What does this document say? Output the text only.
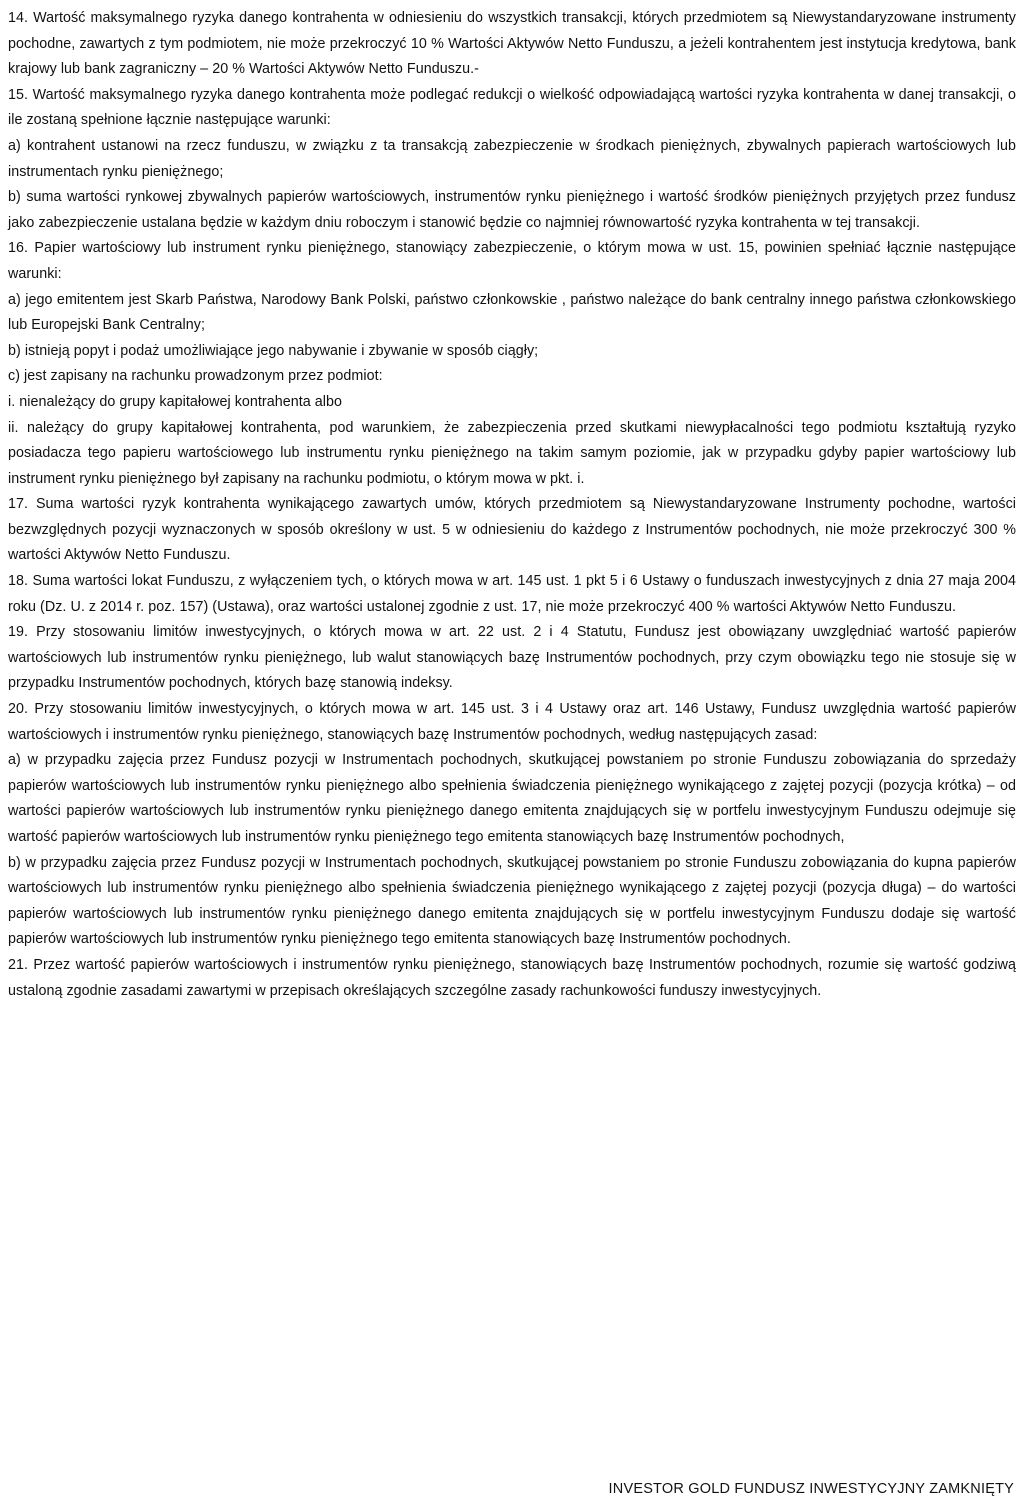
14. Wartość maksymalnego ryzyka danego kontrahenta w odniesieniu do wszystkich transakcji, których przedmiotem są Niewystandaryzowane instrumenty pochodne, zawartych z tym podmiotem, nie może przekroczyć 10 % Wartości Aktywów Netto Funduszu, a jeżeli kontrahentem jest instytucja kredytowa, bank krajowy lub bank zagraniczny – 20 % Wartości Aktywów Netto Funduszu.-

15. Wartość maksymalnego ryzyka danego kontrahenta może podlegać redukcji o wielkość odpowiadającą wartości ryzyka kontrahenta w danej transakcji, o ile zostaną spełnione łącznie następujące warunki:

a) kontrahent ustanowi na rzecz funduszu, w związku z ta transakcją zabezpieczenie w środkach pieniężnych, zbywalnych papierach wartościowych lub instrumentach rynku pieniężnego;

b) suma wartości rynkowej zbywalnych papierów wartościowych, instrumentów rynku pieniężnego i wartość środków pieniężnych przyjętych przez fundusz jako zabezpieczenie ustalana będzie w każdym dniu roboczym i stanowić będzie co najmniej równowartość ryzyka kontrahenta w tej transakcji.

16. Papier wartościowy lub instrument rynku pieniężnego, stanowiący zabezpieczenie, o którym mowa w ust. 15, powinien spełniać łącznie następujące warunki:

a) jego emitentem jest Skarb Państwa, Narodowy Bank Polski, państwo członkowskie , państwo należące do bank centralny innego państwa członkowskiego lub Europejski Bank Centralny;

b) istnieją popyt i podaż umożliwiające jego nabywanie i zbywanie w sposób ciągły;

c) jest zapisany na rachunku prowadzonym przez podmiot:

i. nienależący do grupy kapitałowej kontrahenta albo

ii. należący do grupy kapitałowej kontrahenta, pod warunkiem, że zabezpieczenia przed skutkami niewypłacalności tego podmiotu kształtują ryzyko posiadacza tego papieru wartościowego lub instrumentu rynku pieniężnego na takim samym poziomie, jak w przypadku gdyby papier wartościowy lub instrument rynku pieniężnego był zapisany na rachunku podmiotu, o którym mowa w pkt. i.

17. Suma wartości ryzyk kontrahenta wynikającego zawartych umów, których przedmiotem są Niewystandaryzowane Instrumenty pochodne, wartości bezwzględnych pozycji wyznaczonych w sposób określony w ust. 5 w odniesieniu do każdego z Instrumentów pochodnych, nie może przekroczyć 300 % wartości Aktywów Netto Funduszu.

18. Suma wartości lokat Funduszu, z wyłączeniem tych, o których mowa w art. 145 ust. 1 pkt 5 i 6 Ustawy o funduszach inwestycyjnych z dnia 27 maja 2004 roku (Dz. U. z 2014 r. poz. 157) (Ustawa), oraz wartości ustalonej zgodnie z ust. 17, nie może przekroczyć 400 % wartości Aktywów Netto Funduszu.

19. Przy stosowaniu limitów inwestycyjnych, o których mowa w art. 22 ust. 2 i 4 Statutu, Fundusz jest obowiązany uwzględniać wartość papierów wartościowych lub instrumentów rynku pieniężnego, lub walut stanowiących bazę Instrumentów pochodnych, przy czym obowiązku tego nie stosuje się w przypadku Instrumentów pochodnych, których bazę stanowią indeksy.

20. Przy stosowaniu limitów inwestycyjnych, o których mowa w art. 145 ust. 3 i 4 Ustawy oraz art. 146 Ustawy, Fundusz uwzględnia wartość papierów wartościowych i instrumentów rynku pieniężnego, stanowiących bazę Instrumentów pochodnych, według następujących zasad:

a) w przypadku zajęcia przez Fundusz pozycji w Instrumentach pochodnych, skutkującej powstaniem po stronie Funduszu zobowiązania do sprzedaży papierów wartościowych lub instrumentów rynku pieniężnego albo spełnienia świadczenia pieniężnego wynikającego z zajętej pozycji (pozycja krótka) – od wartości papierów wartościowych lub instrumentów rynku pieniężnego danego emitenta znajdujących się w portfelu inwestycyjnym Funduszu odejmuje się wartość papierów wartościowych lub instrumentów rynku pieniężnego tego emitenta stanowiących bazę Instrumentów pochodnych,

b) w przypadku zajęcia przez Fundusz pozycji w Instrumentach pochodnych, skutkującej powstaniem po stronie Funduszu zobowiązania do kupna papierów wartościowych lub instrumentów rynku pieniężnego albo spełnienia świadczenia pieniężnego wynikającego z zajętej pozycji (pozycja długa) – do wartości papierów wartościowych lub instrumentów rynku pieniężnego danego emitenta znajdujących się w portfelu inwestycyjnym Funduszu dodaje się wartość papierów wartościowych lub instrumentów rynku pieniężnego tego emitenta stanowiących bazę Instrumentów pochodnych.

21. Przez wartość papierów wartościowych i instrumentów rynku pieniężnego, stanowiących bazę Instrumentów pochodnych, rozumie się wartość godziwą ustaloną zgodnie zasadami zawartymi w przepisach określających szczególne zasady rachunkowości funduszy inwestycyjnych.

INVESTOR GOLD FUNDUSZ INWESTYCYJNY ZAMKNIĘTY
